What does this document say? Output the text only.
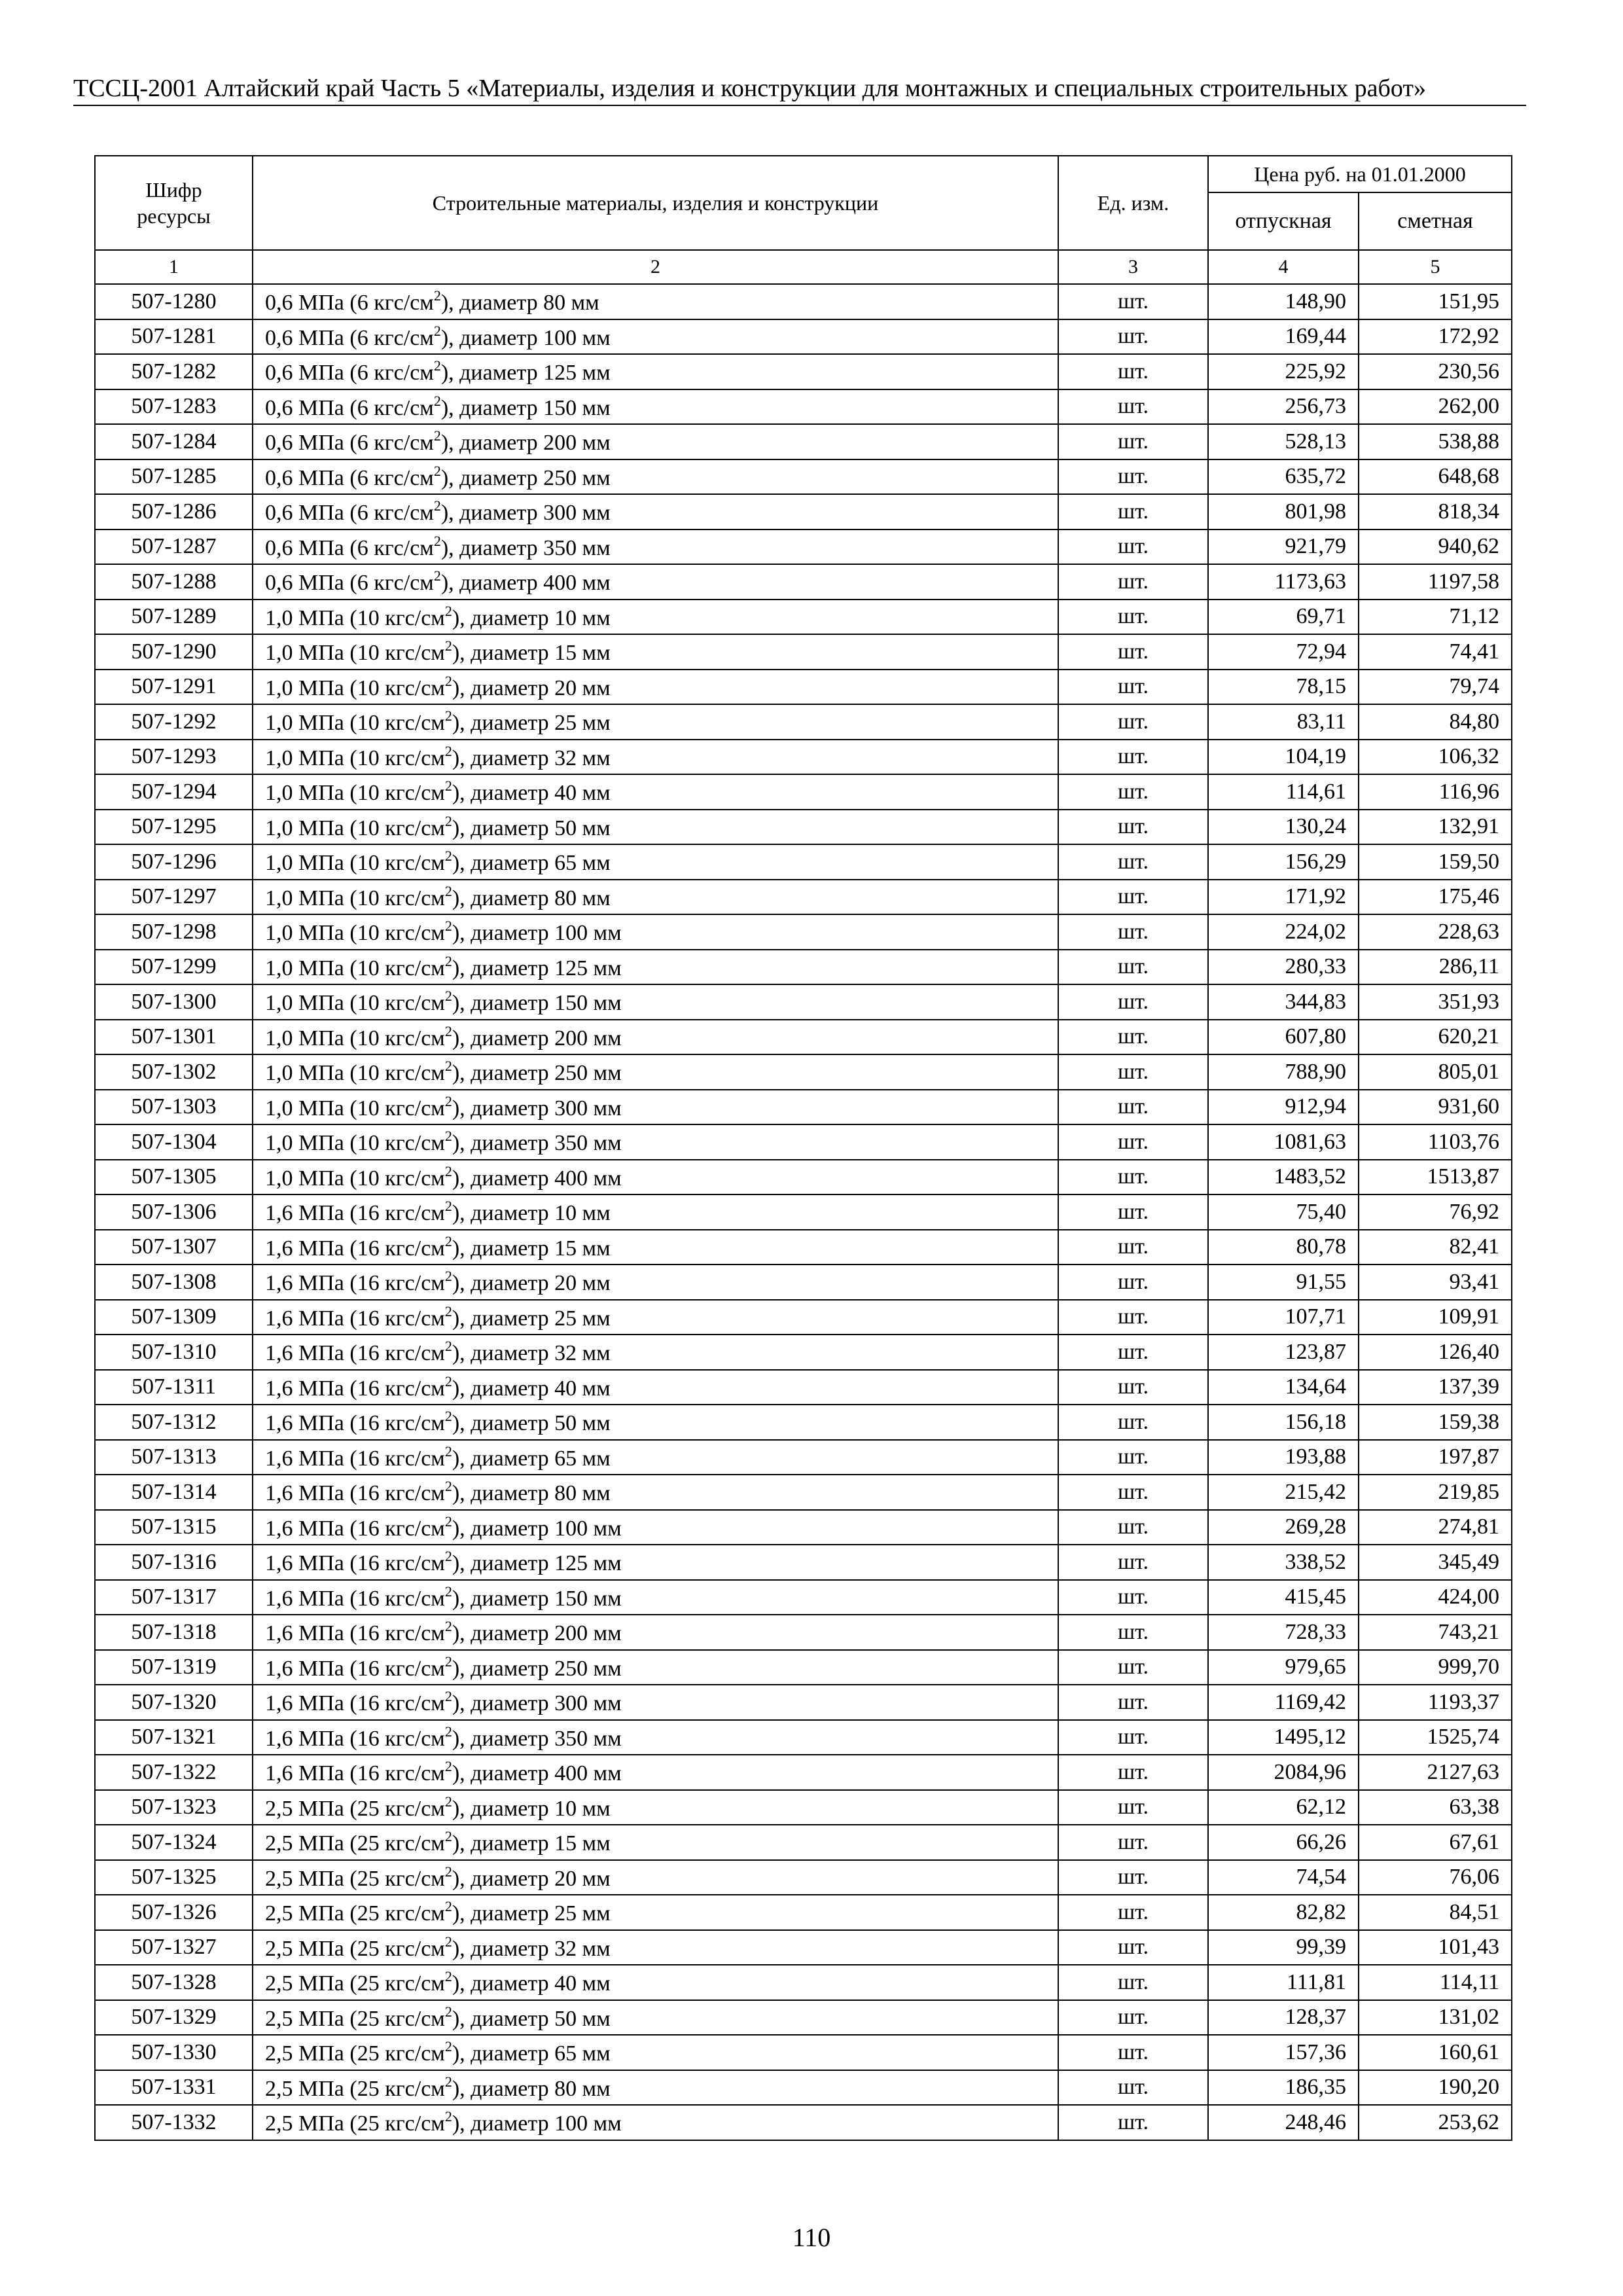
ТССЦ-2001 Алтайский край Часть 5 «Материалы, изделия и конструкции для монтажных и специальных строительных работ»
Шифр ресурсы	Строительные материалы, изделия и конструкции	Ед. изм.	Цена руб. на 01.01.2000	
			отпускная	сметная
1	2	3	4	5
507-1280	0,6 МПа (6 кгс/$см^2$), диаметр 80 мм	шт.	148,90	151,95
507-1281	0,6 МПа (6 кгс/$см^2$), диаметр 100 мм	шт.	169,44	172,92
507-1282	0,6 МПа (6 кгс/$см^2$), диаметр 125 мм	шт.	225,92	230,56
507-1283	0,6 МПа (6 кгс/$см^2$), диаметр 150 мм	шт.	256,73	262,00
507-1284	0,6 МПа (6 кгс/$см^2$), диаметр 200 мм	шт.	528,13	538,88
507-1285	0,6 МПа (6 кгс/$см^2$), диаметр 250 мм	шт.	635,72	648,68
507-1286	0,6 МПа (6 кгс/$см^2$), диаметр 300 мм	шт.	801,98	818,34
507-1287	0,6 МПа (6 кгс/$см^2$), диаметр 350 мм	шт.	921,79	940,62
507-1288	0,6 МПа (6 кгс/$см^2$), диаметр 400 мм	шт.	1173,63	1197,58
507-1289	1,0 МПа (10 кгс/$см^2$), диаметр 10 мм	шт.	69,71	71,12
507-1290	1,0 МПа (10 кгс/$см^2$), диаметр 15 мм	шт.	72,94	74,41
507-1291	1,0 МПа (10 кгс/$см^2$), диаметр 20 мм	шт.	78,15	79,74
507-1292	1,0 МПа (10 кгс/$см^2$), диаметр 25 мм	шт.	83,11	84,80
507-1293	1,0 МПа (10 кгс/$см^2$), диаметр 32 мм	шт.	104,19	106,32
507-1294	1,0 МПа (10 кгс/$см^2$), диаметр 40 мм	шт.	114,61	116,96
507-1295	1,0 МПа (10 кгс/$см^2$), диаметр 50 мм	шт.	130,24	132,91
507-1296	1,0 МПа (10 кгс/$см^2$), диаметр 65 мм	шт.	156,29	159,50
507-1297	1,0 МПа (10 кгс/$см^2$), диаметр 80 мм	шт.	171,92	175,46
507-1298	1,0 МПа (10 кгс/$см^2$), диаметр 100 мм	шт.	224,02	228,63
507-1299	1,0 МПа (10 кгс/$см^2$), диаметр 125 мм	шт.	280,33	286,11
507-1300	1,0 МПа (10 кгс/$см^2$), диаметр 150 мм	шт.	344,83	351,93
507-1301	1,0 МПа (10 кгс/$см^2$), диаметр 200 мм	шт.	607,80	620,21
507-1302	1,0 МПа (10 кгс/$см^2$), диаметр 250 мм	шт.	788,90	805,01
507-1303	1,0 МПа (10 кгс/$см^2$), диаметр 300 мм	шт.	912,94	931,60
507-1304	1,0 МПа (10 кгс/$см^2$), диаметр 350 мм	шт.	1081,63	1103,76
507-1305	1,0 МПа (10 кгс/$см^2$), диаметр 400 мм	шт.	1483,52	1513,87
507-1306	1,6 МПа (16 кгс/$см^2$), диаметр 10 мм	шт.	75,40	76,92
507-1307	1,6 МПа (16 кгс/$см^2$), диаметр 15 мм	шт.	80,78	82,41
507-1308	1,6 МПа (16 кгс/$см^2$), диаметр 20 мм	шт.	91,55	93,41
507-1309	1,6 МПа (16 кгс/$см^2$), диаметр 25 мм	шт.	107,71	109,91
507-1310	1,6 МПа (16 кгс/$см^2$), диаметр 32 мм	шт.	123,87	126,40
507-1311	1,6 МПа (16 кгс/$см^2$), диаметр 40 мм	шт.	134,64	137,39
507-1312	1,6 МПа (16 кгс/$см^2$), диаметр 50 мм	шт.	156,18	159,38
507-1313	1,6 МПа (16 кгс/$см^2$), диаметр 65 мм	шт.	193,88	197,87
507-1314	1,6 МПа (16 кгс/$см^2$), диаметр 80 мм	шт.	215,42	219,85
507-1315	1,6 МПа (16 кгс/$см^2$), диаметр 100 мм	шт.	269,28	274,81
507-1316	1,6 МПа (16 кгс/$см^2$), диаметр 125 мм	шт.	338,52	345,49
507-1317	1,6 МПа (16 кгс/$см^2$), диаметр 150 мм	шт.	415,45	424,00
507-1318	1,6 МПа (16 кгс/$см^2$), диаметр 200 мм	шт.	728,33	743,21
507-1319	1,6 МПа (16 кгс/$см^2$), диаметр 250 мм	шт.	979,65	999,70
507-1320	1,6 МПа (16 кгс/$см^2$), диаметр 300 мм	шт.	1169,42	1193,37
507-1321	1,6 МПа (16 кгс/$см^2$), диаметр 350 мм	шт.	1495,12	1525,74
507-1322	1,6 МПа (16 кгс/$см^2$), диаметр 400 мм	шт.	2084,96	2127,63
507-1323	2,5 МПа (25 кгс/$см^2$), диаметр 10 мм	шт.	62,12	63,38
507-1324	2,5 МПа (25 кгс/$см^2$), диаметр 15 мм	шт.	66,26	67,61
507-1325	2,5 МПа (25 кгс/$см^2$), диаметр 20 мм	шт.	74,54	76,06
507-1326	2,5 МПа (25 кгс/$см^2$), диаметр 25 мм	шт.	82,82	84,51
507-1327	2,5 МПа (25 кгс/$см^2$), диаметр 32 мм	шт.	99,39	101,43
507-1328	2,5 МПа (25 кгс/$см^2$), диаметр 40 мм	шт.	111,81	114,11
507-1329	2,5 МПа (25 кгс/$см^2$), диаметр 50 мм	шт.	128,37	131,02
507-1330	2,5 МПа (25 кгс/$см^2$), диаметр 65 мм	шт.	157,36	160,61
507-1331	2,5 МПа (25 кгс/$см^2$), диаметр 80 мм	шт.	186,35	190,20
507-1332	2,5 МПа (25 кгс/$см^2$), диаметр 100 мм	шт.	248,46	253,62
110
